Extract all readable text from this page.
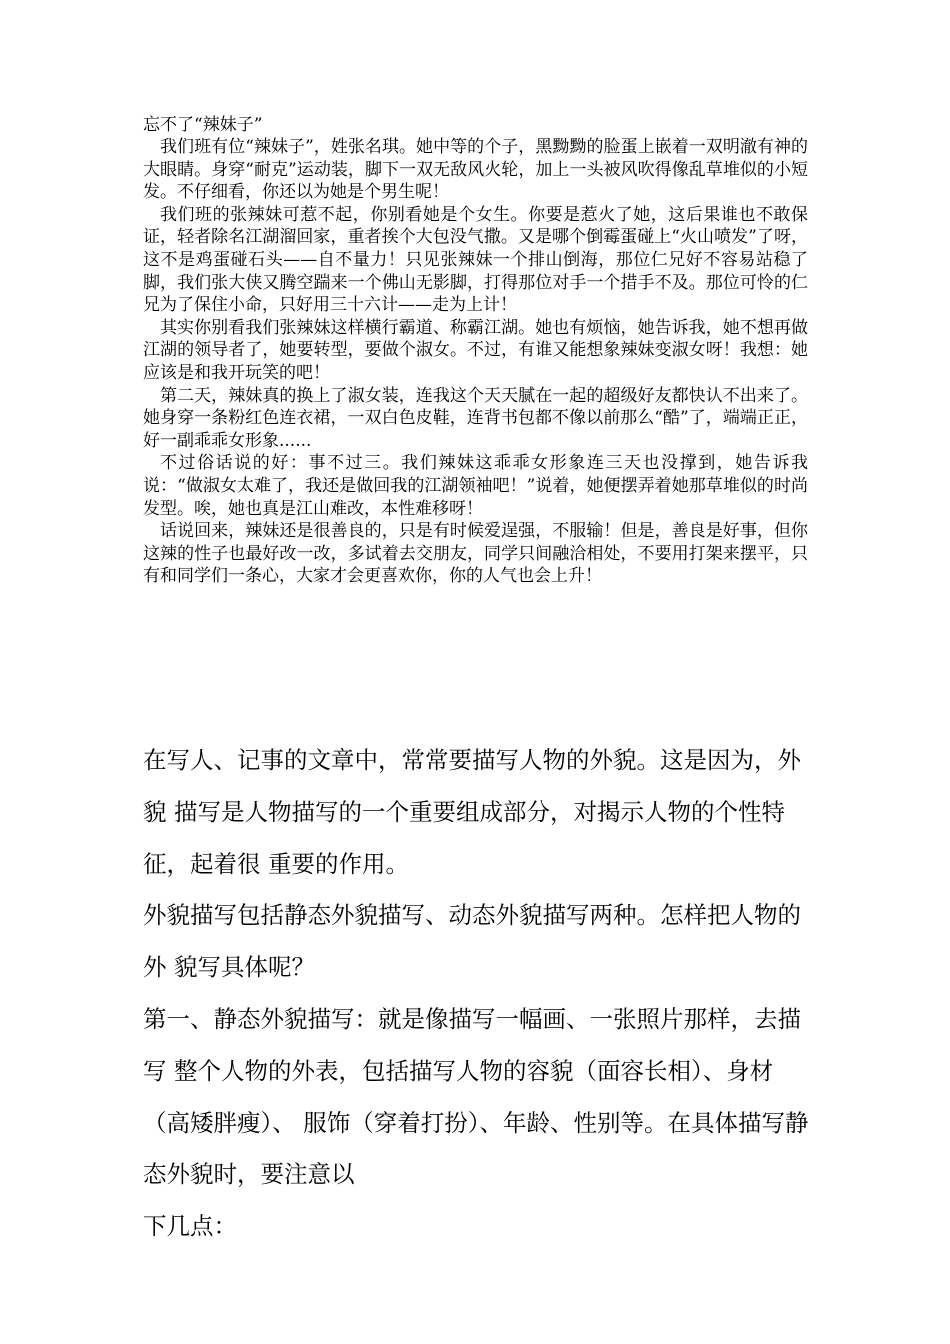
忘不了“辣妹子”

我们班有位“辣妹子”，姓张名琪。她中等的个子，黑黝黝的脸蛋上嵌着一双明澈有神的大眼睛。身穿“耐克”运动装，脚下一双无敌风火轮，加上一头被风吹得像乱草堆似的小短发。不仔细看，你还以为她是个男生呢！

我们班的张辣妹可惹不起，你别看她是个女生。你要是惹火了她，这后果谁也不敢保证，轻者除名江湖溜回家，重者挨个大包没气撒。又是哪个倒霉蛋碰上“火山喷发”了呀，这不是鸡蛋碰石头——自不量力！只见张辣妹一个排山倒海，那位仁兄好不容易站稳了脚，我们张大侠又腾空踹来一个佛山无影脚，打得那位对手一个措手不及。那位可怜的仁兄为了保住小命，只好用三十六计——走为上计！

其实你别看我们张辣妹这样横行霸道、称霸江湖。她也有烦恼，她告诉我，她不想再做江湖的领导者了，她要转型，要做个淑女。不过，有谁又能想象辣妹变淑女呀！我想：她应该是和我开玩笑的吧！

第二天，辣妹真的换上了淑女装，连我这个天天腻在一起的超级好友都快认不出来了。她身穿一条粉红色连衣裙，一双白色皮鞋，连背书包都不像以前那么“酷”了，端端正正，好一副乖乖女形象......

不过俗话说的好：事不过三。我们辣妹这乖乖女形象连三天也没撑到，她告诉我说：“做淑女太难了，我还是做回我的江湖领袖吧！”说着，她便摆弄着她那草堆似的时尚发型。唉，她也真是江山难改，本性难移呀！

话说回来，辣妹还是很善良的，只是有时候爱逞强，不服输！但是，善良是好事，但你这辣的性子也最好改一改，多试着去交朋友，同学只间融洽相处，不要用打架来摆平，只有和同学们一条心，大家才会更喜欢你，你的人气也会上升！

在写人、记事的文章中，常常要描写人物的外貌。这是因为，外貌 描写是人物描写的一个重要组成部分，对揭示人物的个性特征，起着很 重要的作用。

外貌描写包括静态外貌描写、动态外貌描写两种。怎样把人物的外 貌写具体呢？

第一、静态外貌描写：就是像描写一幅画、一张照片那样，去描写 整个人物的外表，包括描写人物的容貌（面容长相）、身材（高矮胖瘦）、 服饰（穿着打扮）、年龄、性别等。在具体描写静态外貌时，要注意以

下几点：
